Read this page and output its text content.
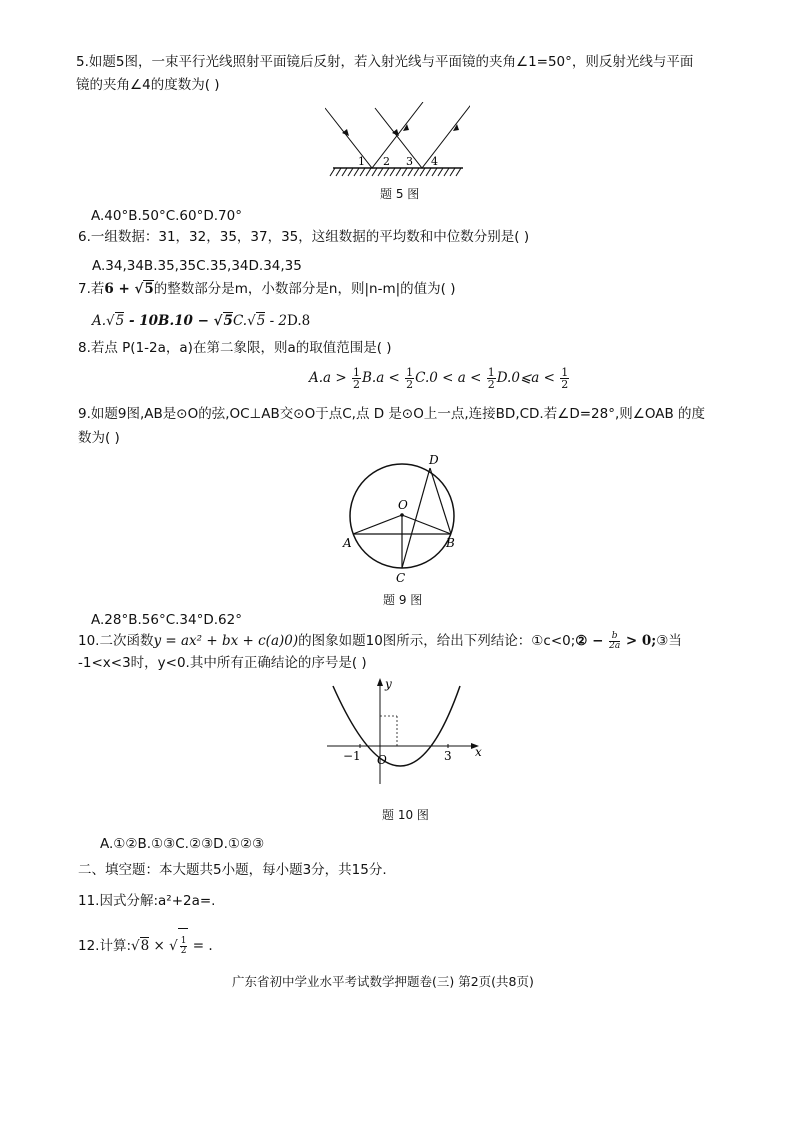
5.如题5图，一束平行光线照射平面镜后反射，若入射光线与平面镜的夹角∠1=50°，则反射光线与平面
镜的夹角∠4的度数为( )
1 2 3 4
题 5 图
A.40°B.50°C.60°D.70°
6.一组数据：31，32，35，37，35，这组数据的平均数和中位数分别是( )
A.34,34B.35,35C.35,34D.34,35
7.若6 + √5的整数部分是m，小数部分是n，则|n-m|的值为( )
A.√5 - 10B.10 − √5C.√5 - 2D.8
8.若点 P(1-2a，a)在第二象限，则a的取值范围是( )
$A.a > \frac{1}{2} B.a < \frac{1}{2} C.0 < a < \frac{1}{2}$ D.0⩽a < $\frac{1}{2}$
9.如题9图,AB是⊙O的弦,OC⊥AB交⊙O于点C,点 D 是⊙O上一点,连接BD,CD.若∠D=28°,则∠OAB 的度
数为( )
D
O
A	B
C
题 9 图
A.28°B.56°C.34°D.62°
10.二次函数y = ax² + bx + c(a)0)的图象如题10图所示，给出下列结论：①c<0;② − $\frac{b}{2a}$ > 0;③当
-1<x<3时，y<0.其中所有正确结论的序号是( )
y
x
−1 O	3
题 10 图
A.①②B.①③C.②③D.①②③
二、填空题：本大题共5小题，每小题3分，共15分.
11.因式分解:a²+2a=.
12.计算:√8 × √ $\frac{1}{2}$ = .
广东省初中学业水平考试数学押题卷(三) 第2页(共8页)
